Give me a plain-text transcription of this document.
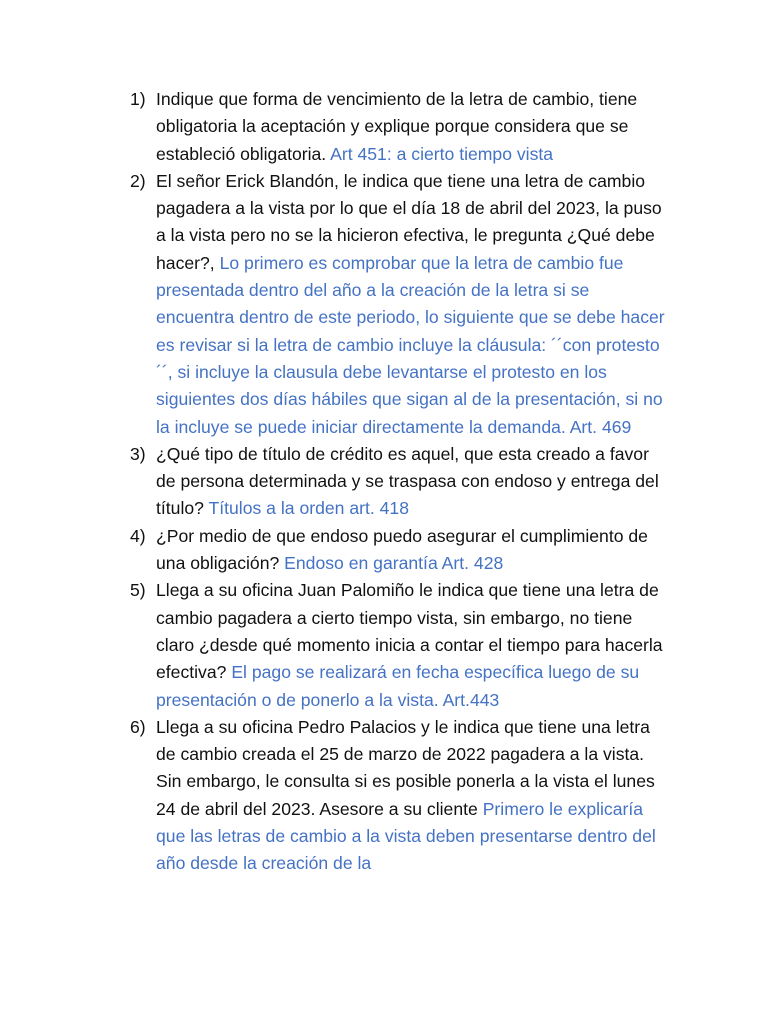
1) Indique que forma de vencimiento de la letra de cambio, tiene obligatoria la aceptación y explique porque considera que se estableció obligatoria. Art 451: a cierto tiempo vista
2) El señor Erick Blandón, le indica que tiene una letra de cambio pagadera a la vista por lo que el día 18 de abril del 2023, la puso a la vista pero no se la hicieron efectiva, le pregunta ¿Qué debe hacer?, Lo primero es comprobar que la letra de cambio fue presentada dentro del año a la creación de la letra si se encuentra dentro de este periodo, lo siguiente que se debe hacer es revisar si la letra de cambio incluye la cláusula: ´´con protesto´´, si incluye la clausula debe levantarse el protesto en los siguientes dos días hábiles que sigan al de la presentación, si no la incluye se puede iniciar directamente la demanda. Art. 469
3) ¿Qué tipo de título de crédito es aquel, que esta creado a favor de persona determinada y se traspasa con endoso y entrega del título? Títulos a la orden art. 418
4) ¿Por medio de que endoso puedo asegurar el cumplimiento de una obligación? Endoso en garantía Art. 428
5) Llega a su oficina Juan Palomiño le indica que tiene una letra de cambio pagadera a cierto tiempo vista, sin embargo, no tiene claro ¿desde qué momento inicia a contar el tiempo para hacerla efectiva? El pago se realizará en fecha específica luego de su presentación o de ponerlo a la vista. Art.443
6) Llega a su oficina Pedro Palacios y le indica que tiene una letra de cambio creada el 25 de marzo de 2022 pagadera a la vista. Sin embargo, le consulta si es posible ponerla a la vista el lunes 24 de abril del 2023. Asesore a su cliente Primero le explicaría que las letras de cambio a la vista deben presentarse dentro del año desde la creación de la
